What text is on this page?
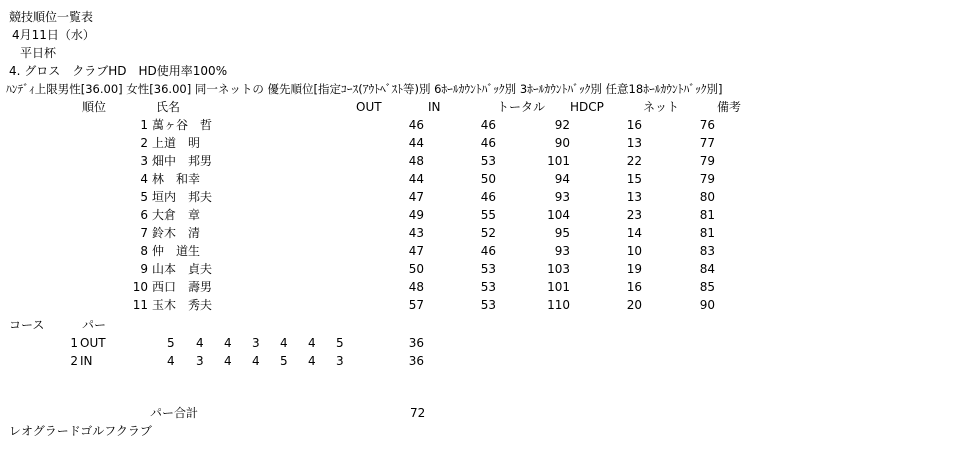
競技順位一覧表
4月11日（水）
平日杯
4. グロス　クラブHD　HD使用率100%
ﾊﾝﾃﾞｨ上限男性[36.00] 女性[36.00] 同一ネットの 優先順位[指定ｺｰｽ(ｱｳﾄﾍﾞｽﾄ等)別 6ﾎｰﾙｶｳﾝﾄﾊﾞｯｸ別 3ﾎｰﾙｶｳﾝﾄﾊﾞｯｸ別 任意18ﾎｰﾙｶｳﾝﾄﾊﾞｯｸ別]
順位	氏名	OUT	IN	トータル HDCP	ネット	備考
1 萬ヶ谷　哲	46	46	92	16	76
2 上道　明	44	46	90	13	77
3 畑中　邦男	48	53	101	22	79
4 林　和幸	44	50	94	15	79
5 垣内　邦夫	47	46	93	13	80
6 大倉　章	49	55	104	23	81
7 鈴木　清	43	52	95	14	81
8 仲　道生	47	46	93	10	83
9 山本　貞夫	50	53	103	19	84
10 西口　壽男	48	53	101	16	85
11 玉木　秀夫	57	53	110	20	90
コース	パー
1 OUT	5 4 4 3 4 4 5	36
2 IN	4 3 4 4 5 4 3	36
パー合計	72
レオグラードゴルフクラブ
